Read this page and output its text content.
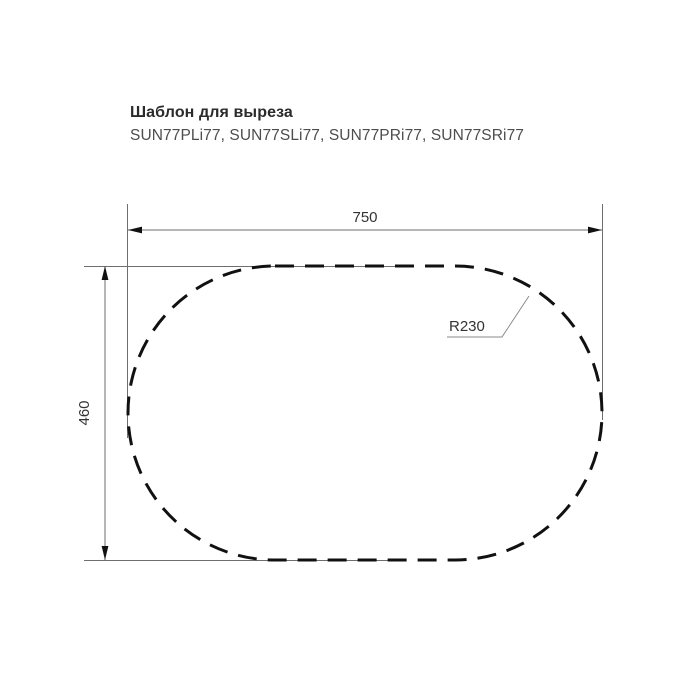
Шаблон для выреза
SUN77PLi77, SUN77SLi77, SUN77PRi77, SUN77SRi77
750
460
R230
